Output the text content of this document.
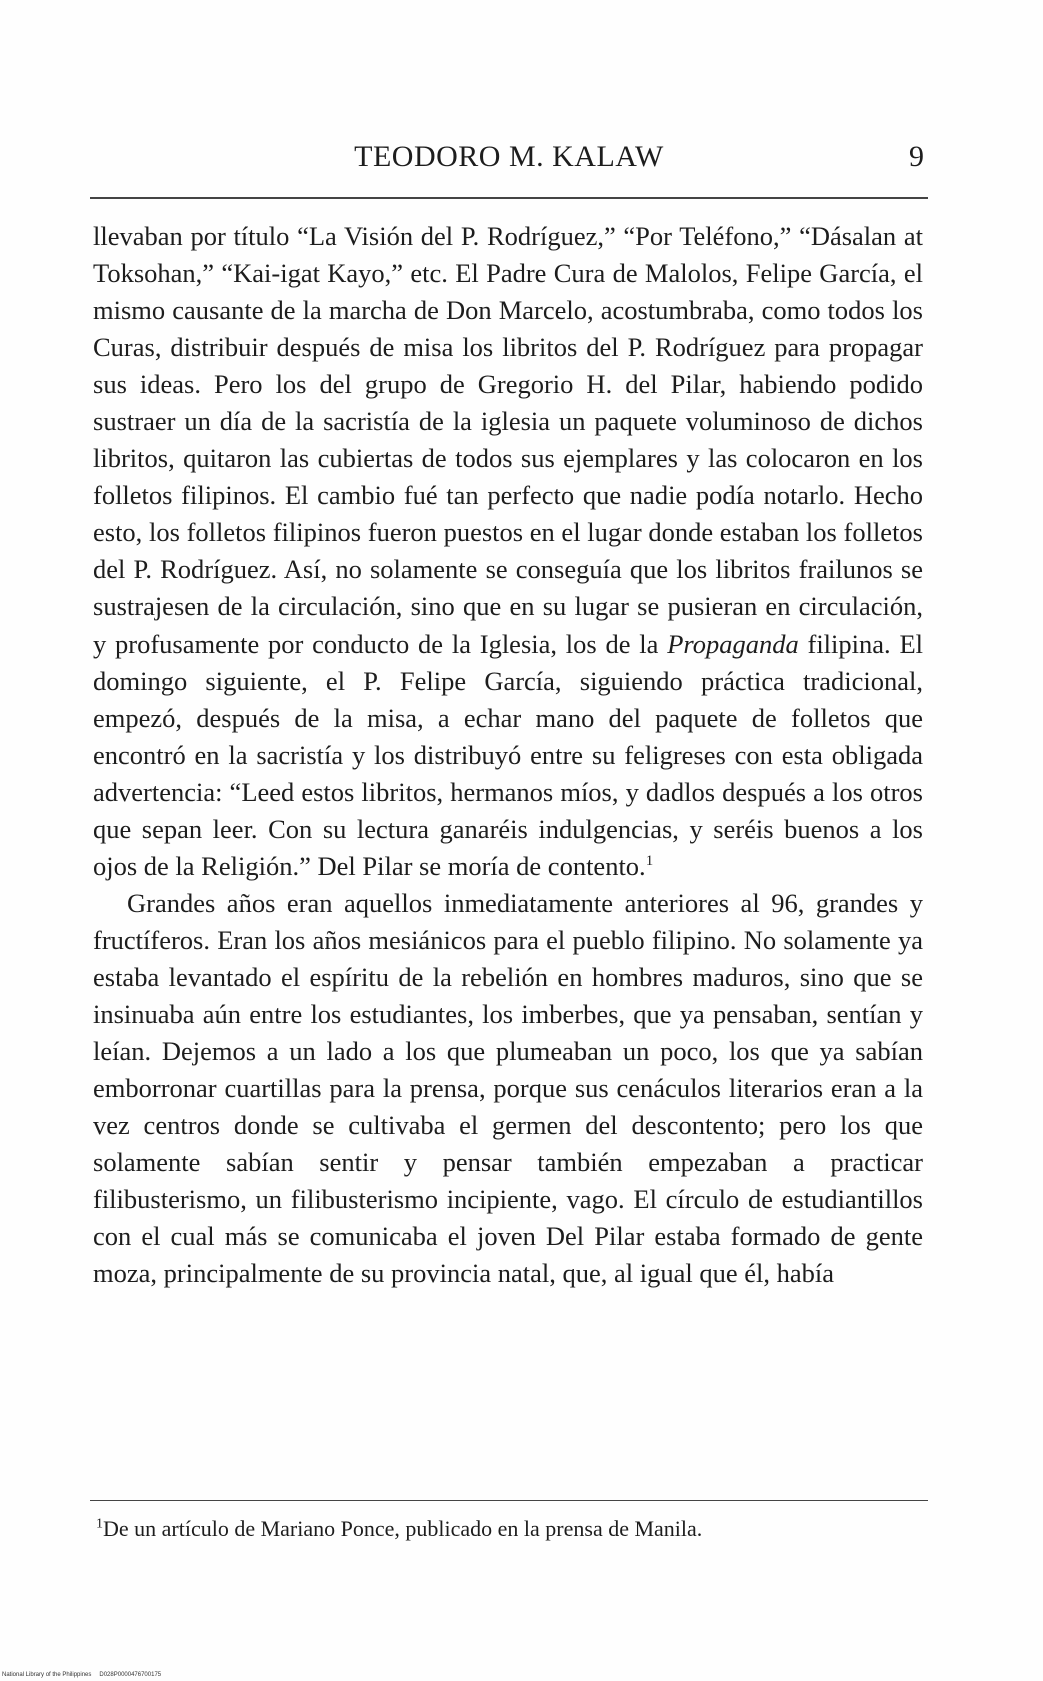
TEODORO M. KALAW	9

llevaban por título “La Visión del P. Rodríguez,” “Por Teléfono,” “Dásalan at Toksohan,” “Kai-igat Kayo,” etc. El Padre Cura de Malolos, Felipe García, el mismo causante de la marcha de Don Marcelo, acostumbraba, como todos los Curas, distribuir después de misa los libritos del P. Rodríguez para propagar sus ideas. Pero los del grupo de Gregorio H. del Pilar, habiendo podido sustraer un día de la sacristía de la iglesia un paquete voluminoso de dichos libritos, quitaron las cubiertas de todos sus ejemplares y las colocaron en los folletos filipinos. El cambio fué tan perfecto que nadie podía notarlo. Hecho esto, los folletos filipinos fueron puestos en el lugar donde estaban los folletos del P. Rodríguez. Así, no solamente se conseguía que los libritos frailunos se sustrajesen de la circulación, sino que en su lugar se pusieran en circulación, y profusamente por conducto de la Iglesia, los de la Propaganda filipina. El domingo siguiente, el P. Felipe García, siguiendo práctica tradicional, empezó, después de la misa, a echar mano del paquete de folletos que encontró en la sacristía y los distribuyó entre su feligreses con esta obligada advertencia: “Leed estos libritos, hermanos míos, y dadlos después a los otros que sepan leer. Con su lectura ganaréis indulgencias, y seréis buenos a los ojos de la Religión.” Del Pilar se moría de contento.$^1$

Grandes años eran aquellos inmediatamente anteriores al 96, grandes y fructíferos. Eran los años mesiánicos para el pueblo filipino. No solamente ya estaba levantado el espíritu de la rebelión en hombres maduros, sino que se insinuaba aún entre los estudiantes, los imberbes, que ya pensaban, sentían y leían. Dejemos a un lado a los que plumeaban un poco, los que ya sabían emborronar cuartillas para la prensa, porque sus cenáculos literarios eran a la vez centros donde se cultivaba el germen del descontento; pero los que solamente sabían sentir y pensar también empezaban a practicar filibusterismo, un filibusterismo incipiente, vago. El círculo de estudiantillos con el cual más se comunicaba el joven Del Pilar estaba formado de gente moza, principalmente de su provincia natal, que, al igual que él, había

$^1$De un artículo de Mariano Ponce, publicado en la prensa de Manila.
National Library of the Philippines D028P0000476700175
